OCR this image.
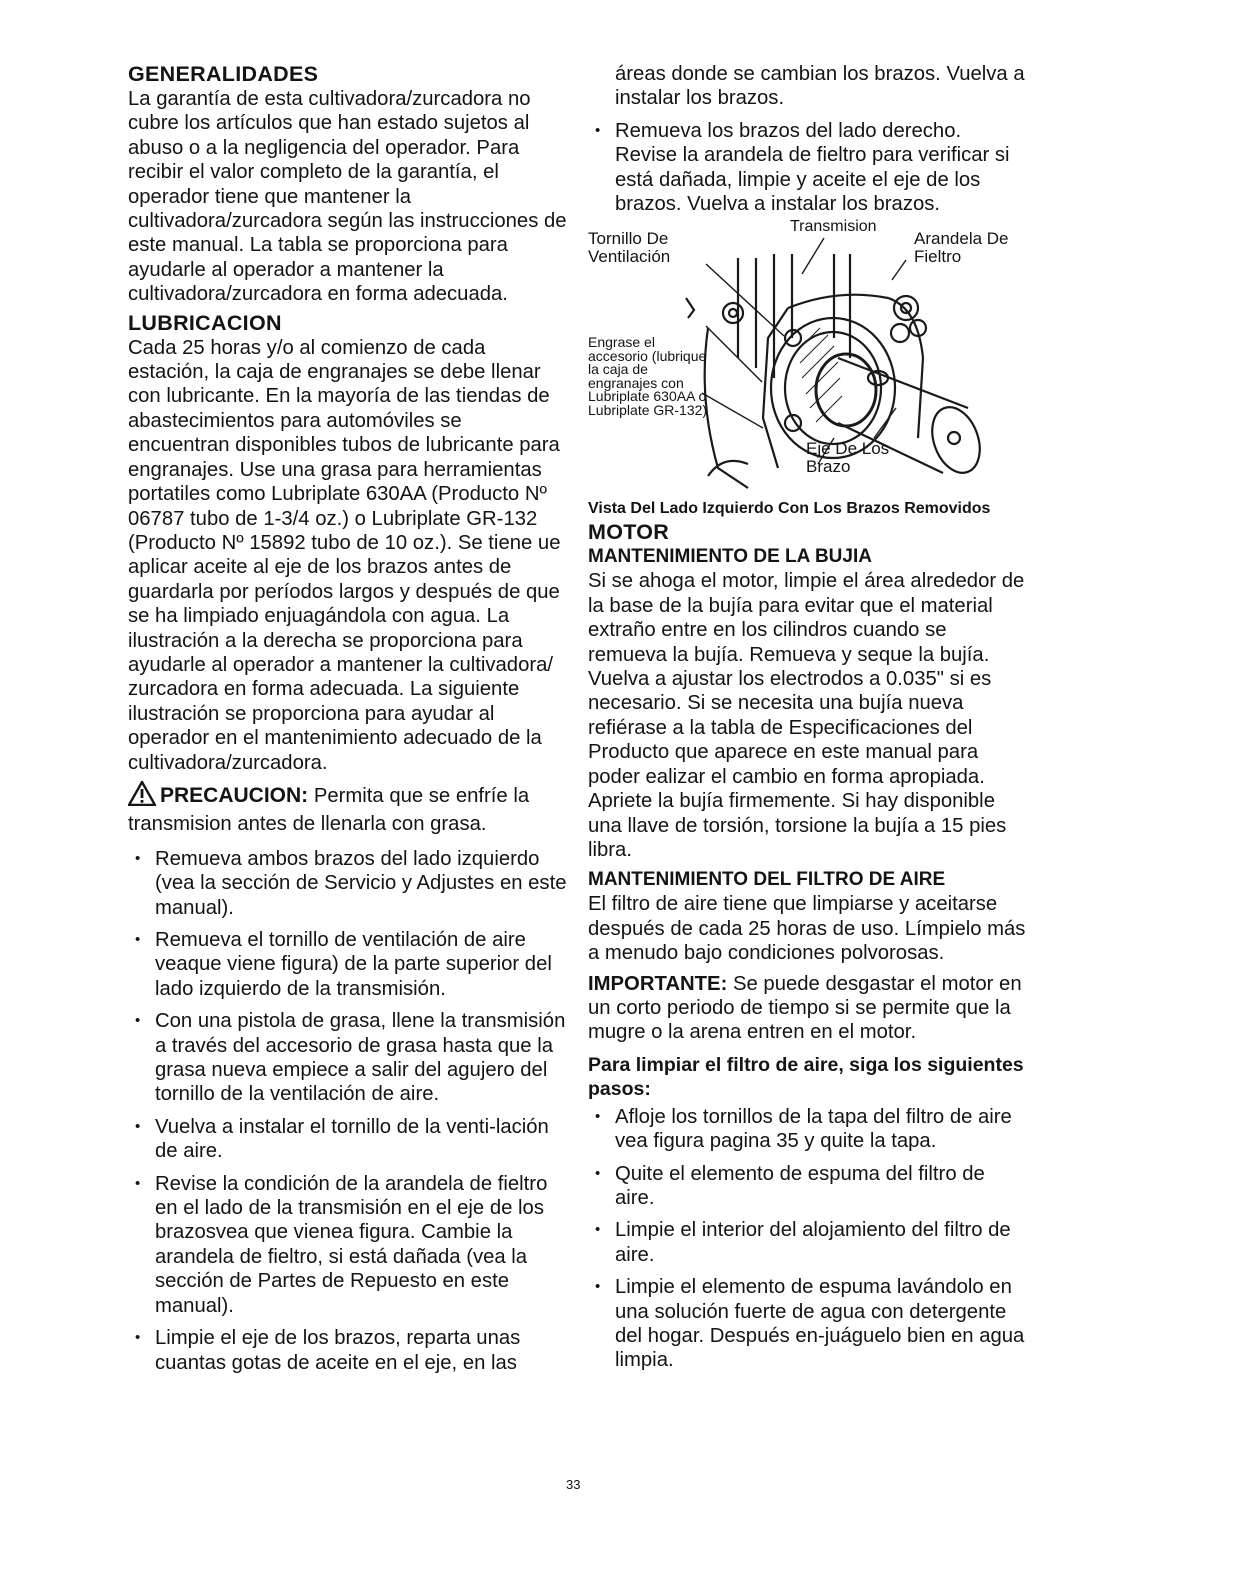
GENERALIDADES

La garantía de esta cultivadora/zurcadora no cubre los artículos que han estado sujetos al abuso o a la negligencia del operador. Para recibir el valor completo de la garantía, el operador tiene que mantener la cultivadora/zurcadora según las instrucciones de este manual. La tabla se proporciona para ayudarle al operador a mantener la cultivadora/zurcadora en forma adecuada.

LUBRICACION

Cada 25 horas y/o al comienzo de cada estación, la caja de engranajes se debe llenar con lubricante. En la mayoría de las tiendas de abastecimientos para automóviles se encuentran disponibles tubos de lubricante para engranajes. Use una grasa para herramientas portatiles como Lubriplate 630AA (Producto Nº 06787 tubo de 1-3/4 oz.) o Lubriplate GR-132 (Producto Nº 15892 tubo de 10 oz.). Se tiene ue aplicar aceite al eje de los brazos antes de guardarla por períodos largos y después de que se ha limpiado enjuagándola con agua. La ilustración a la derecha se proporciona para ayudarle al operador a mantener la cultivadora/ zurcadora en forma adecuada. La siguiente ilustración se proporciona para ayudar al operador en el mantenimiento adecuado de la cultivadora/zurcadora.

PRECAUCION: Permita que se enfríe la transmision antes de llenarla con grasa.
• Remueva ambos brazos del lado izquierdo (vea la sección de Servicio y Adjustes en este manual).
• Remueva el tornillo de ventilación de aire veaque viene figura) de la parte superior del lado izquierdo de la transmisión.
• Con una pistola de grasa, llene la transmisión a través del accesorio de grasa hasta que la grasa nueva empiece a salir del agujero del tornillo de la ventilación de aire.
• Vuelva a instalar el tornillo de la venti-lación de aire.
• Revise la condición de la arandela de fieltro en el lado de la transmisión en el eje de los brazosvea que vienea figura. Cambie la arandela de fieltro, si está dañada (vea la sección de Partes de Repuesto en este manual).
• Limpie el eje de los brazos, reparta unas cuantas gotas de aceite en el eje, en las

áreas donde se cambian los brazos. Vuelva a instalar los brazos.

• Remueva los brazos del lado derecho. Revise la arandela de fieltro para verificar si está dañada, limpie y aceite el eje de los brazos. Vuelva a instalar los brazos.
Transmision
Tornillo De Ventilación
Arandela De Fieltro
Engrase el accesorio (lubrique la caja de engranajes con Lubriplate 630AA o Lubriplate GR-132)
Eje De Los Brazo

Vista Del Lado Izquierdo Con Los Brazos Removidos

MOTOR
MANTENIMIENTO DE LA BUJIA

Si se ahoga el motor, limpie el área alrededor de la base de la bujía para evitar que el material extraño entre en los cilindros cuando se remueva la bujía. Remueva y seque la bujía. Vuelva a ajustar los electrodos a 0.035" si es necesario. Si se necesita una bujía nueva refiérase a la tabla de Especificaciones del Producto que aparece en este manual para poder ealizar el cambio en forma apropiada. Apriete la bujía firmemente. Si hay disponible una llave de torsión, torsione la bujía a 15 pies libra.

MANTENIMIENTO DEL FILTRO DE AIRE

El filtro de aire tiene que limpiarse y aceitarse después de cada 25 horas de uso. Límpielo más a menudo bajo condiciones polvorosas.

IMPORTANTE: Se puede desgastar el motor en un corto periodo de tiempo si se permite que la mugre o la arena entren en el motor.

Para limpiar el filtro de aire, siga los siguientes pasos:
• Afloje los tornillos de la tapa del filtro de aire vea figura pagina 35 y quite la tapa.
• Quite el elemento de espuma del filtro de aire.
• Limpie el interior del alojamiento del filtro de aire.
• Limpie el elemento de espuma lavándolo en una solución fuerte de agua con detergente del hogar. Después en-juáguelo bien en agua limpia.
33
